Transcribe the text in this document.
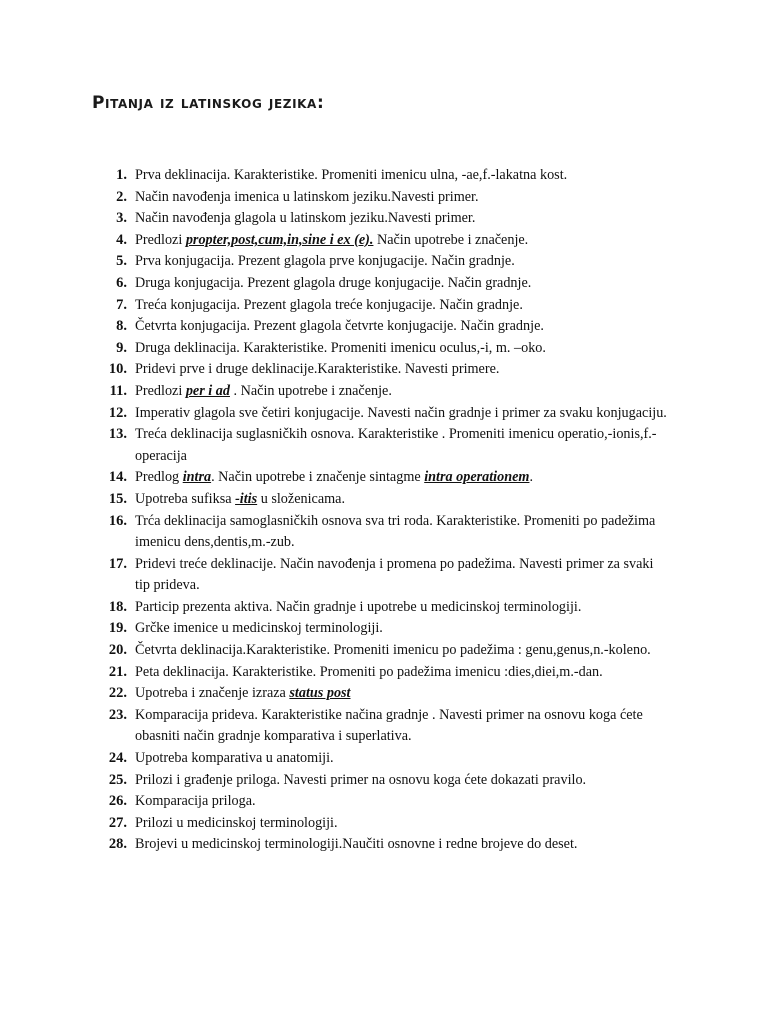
Pitanja iz latinskog jezika:
1. Prva deklinacija. Karakteristike. Promeniti imenicu ulna, -ae,f.-lakatna kost.
2. Način navođenja imenica u latinskom jeziku.Navesti primer.
3. Način navođenja glagola u latinskom jeziku.Navesti primer.
4. Predlozi propter,post,cum,in,sine i ex (e). Način upotrebe i značenje.
5. Prva konjugacija. Prezent glagola prve konjugacije. Način gradnje.
6. Druga konjugacija. Prezent glagola druge konjugacije. Način gradnje.
7. Treća konjugacija. Prezent glagola treće konjugacije. Način gradnje.
8. Četvrta konjugacija. Prezent glagola četvrte konjugacije. Način gradnje.
9. Druga deklinacija. Karakteristike. Promeniti imenicu oculus,-i, m. –oko.
10. Pridevi prve i druge deklinacije.Karakteristike. Navesti primere.
11. Predlozi per i ad . Način upotrebe i značenje.
12. Imperativ glagola sve četiri konjugacije. Navesti način gradnje i primer za svaku konjugaciju.
13. Treća deklinacija suglasničkih osnova. Karakteristike . Promeniti imenicu operatio,-ionis,f.-operacija
14. Predlog intra. Način upotrebe i značenje sintagme intra operationem.
15. Upotreba sufiksa -itis u složenicama.
16. Trća deklinacija samoglasničkih osnova sva tri roda. Karakteristike. Promeniti po padežima imenicu dens,dentis,m.-zub.
17. Pridevi treće deklinacije. Način navođenja i promena po padežima. Navesti primer za svaki tip prideva.
18. Particip prezenta aktiva. Način gradnje i upotrebe u medicinskoj terminologiji.
19. Grčke imenice u medicinskoj terminologiji.
20. Četvrta deklinacija.Karakteristike. Promeniti imenicu po padežima : genu,genus,n.-koleno.
21. Peta deklinacija. Karakteristike. Promeniti po padežima imenicu :dies,diei,m.-dan.
22. Upotreba i značenje izraza status post
23. Komparacija prideva. Karakteristike načina gradnje . Navesti primer na osnovu koga ćete obasniti način gradnje komparativa i superlativa.
24. Upotreba komparativa u anatomiji.
25. Prilozi i građenje priloga. Navesti primer na osnovu koga ćete dokazati pravilo.
26. Komparacija priloga.
27. Prilozi u medicinskoj terminologiji.
28. Brojevi u medicinskoj terminologiji.Naučiti osnovne i redne brojeve do deset.
